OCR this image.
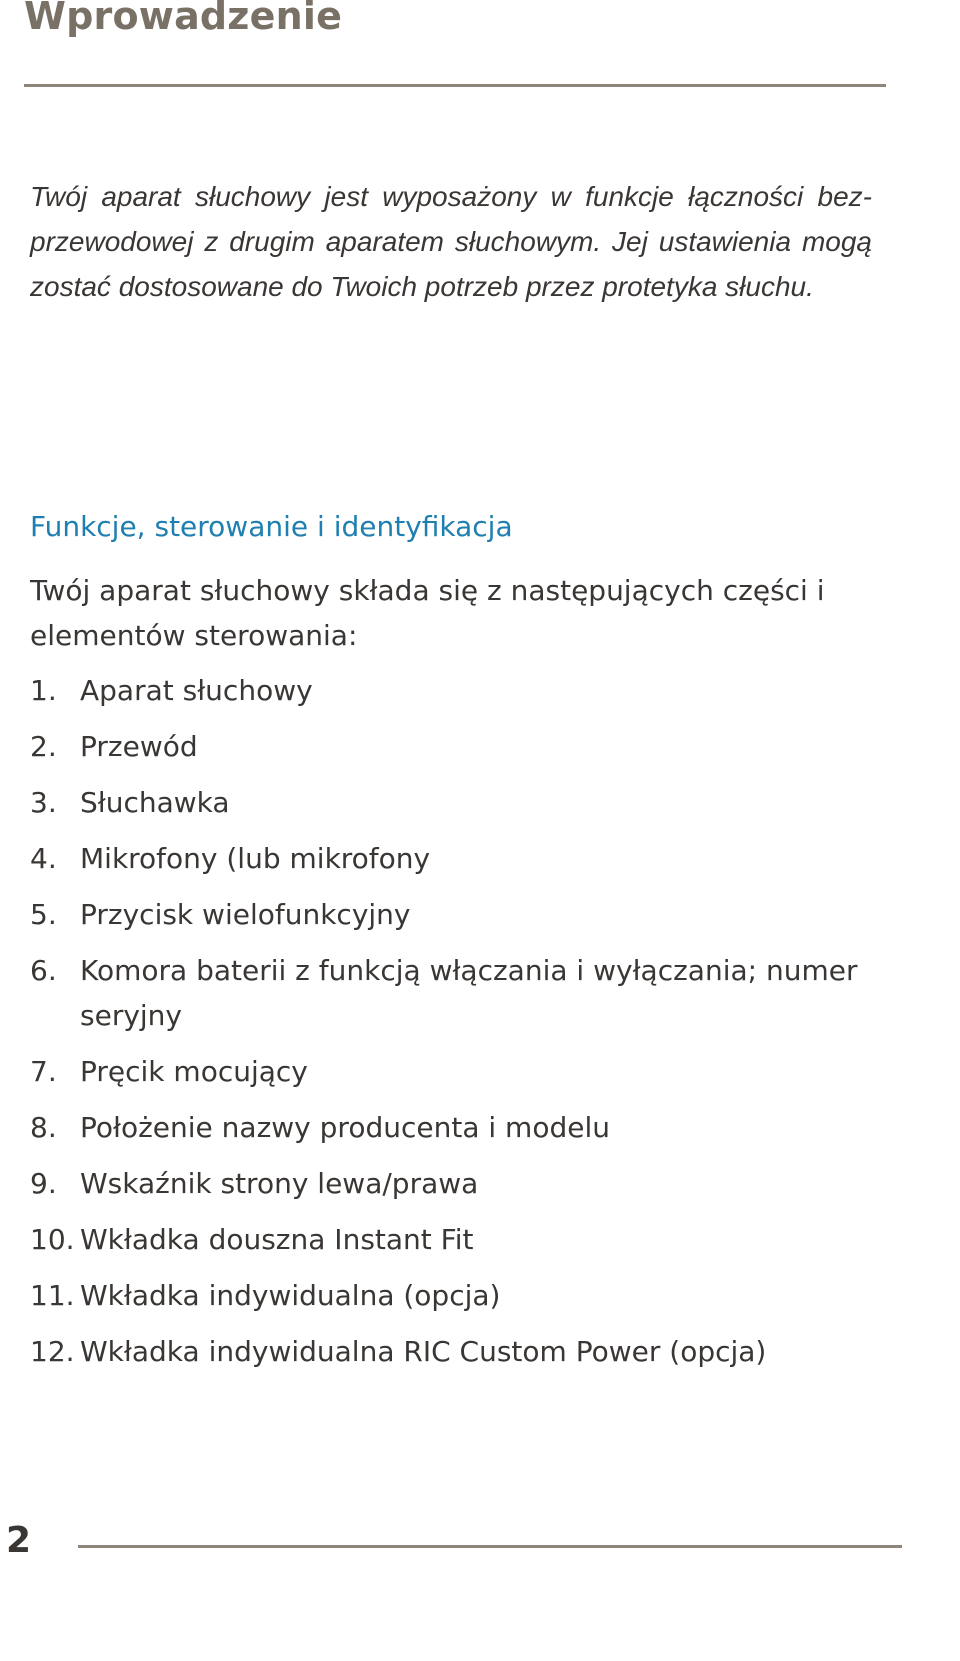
Wprowadzenie

Twój aparat słuchowy jest wyposażony w funkcje łączności bezprzewodowej z drugim aparatem słuchowym. Jej ustawienia mogą zostać dostosowane do Twoich potrzeb przez protetyka słuchu.

Funkcje, sterowanie i identyfikacja

Twój aparat słuchowy składa się z następujących części i elementów sterowania:

1. Aparat słuchowy
2. Przewód
3. Słuchawka
4. Mikrofony (lub mikrofony
5. Przycisk wielofunkcyjny
6. Komora baterii z funkcją włączania i wyłączania; numer seryjny
7. Pręcik mocujący
8. Położenie nazwy producenta i modelu
9. Wskaźnik strony lewa/prawa
10. Wkładka douszna Instant Fit
11. Wkładka indywidualna (opcja)
12. Wkładka indywidualna RIC Custom Power (opcja)
2
